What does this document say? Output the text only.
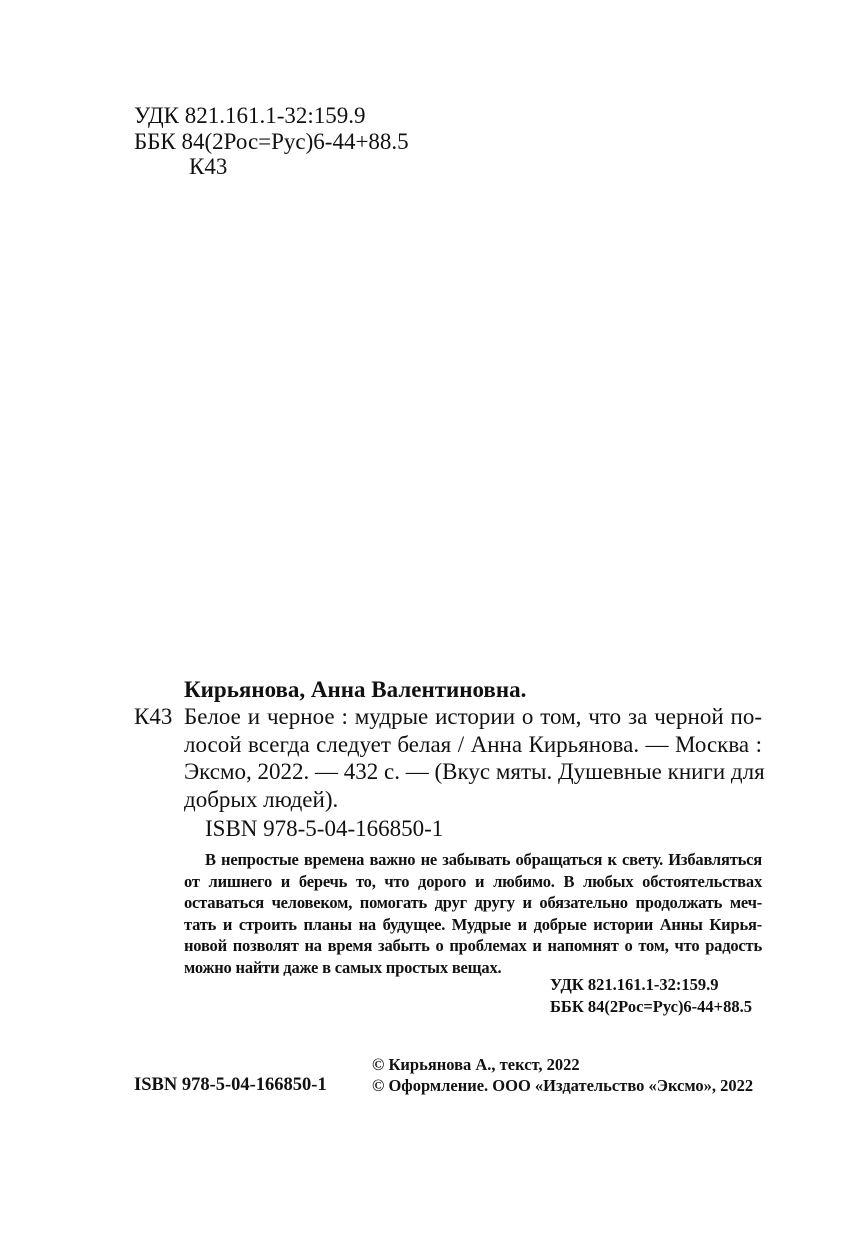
УДК 821.161.1-32:159.9
ББК 84(2Рос=Рус)6-44+88.5
К43
Кирьянова, Анна Валентиновна.
К43 Белое и черное : мудрые истории о том, что за черной по-
лосой всегда следует белая / Анна Кирьянова. — Москва :
Эксмо, 2022. — 432 с. — (Вкус мяты. Душевные книги для
добрых людей).
ISBN 978-5-04-166850-1
В непростые времена важно не забывать обращаться к свету. Избавляться
от лишнего и беречь то, что дорого и любимо. В любых обстоятельствах
оставаться человеком, помогать друг другу и обязательно продолжать меч-
тать и строить планы на будущее. Мудрые и добрые истории Анны Кирья-
новой позволят на время забыть о проблемах и напомнят о том, что радость
можно найти даже в самых простых вещах.
УДК 821.161.1-32:159.9
ББК 84(2Рос=Рус)6-44+88.5
© Кирьянова А., текст, 2022
ISBN 978-5-04-166850-1	© Оформление. ООО «Издательство «Эксмо», 2022
